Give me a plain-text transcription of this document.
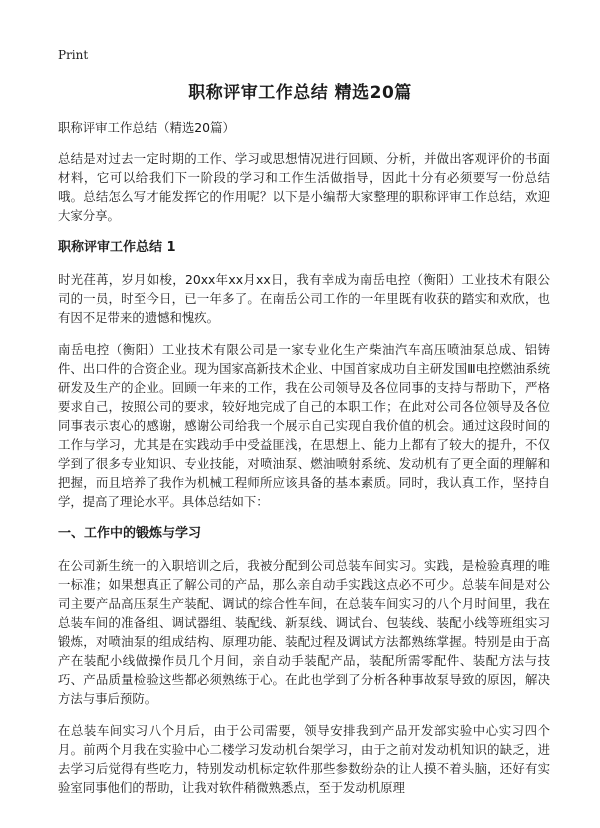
Print
职称评审工作总结 精选20篇

职称评审工作总结（精选20篇）

总结是对过去一定时期的工作、学习或思想情况进行回顾、分析，并做出客观评价的书面材料，它可以给我们下一阶段的学习和工作生活做指导，因此十分有必须要写一份总结哦。总结怎么写才能发挥它的作用呢？以下是小编帮大家整理的职称评审工作总结，欢迎大家分享。

职称评审工作总结 1

时光荏苒，岁月如梭，20xx年xx月xx日，我有幸成为南岳电控（衡阳）工业技术有限公司的一员，时至今日，已一年多了。在南岳公司工作的一年里既有收获的踏实和欢欣，也有因不足带来的遗憾和愧疚。

南岳电控（衡阳）工业技术有限公司是一家专业化生产柴油汽车高压喷油泵总成、铝铸件、出口件的合资企业。现为国家高新技术企业、中国首家成功自主研发国Ⅲ电控燃油系统研发及生产的企业。回顾一年来的工作，我在公司领导及各位同事的支持与帮助下，严格要求自己，按照公司的要求，较好地完成了自己的本职工作；在此对公司各位领导及各位同事表示衷心的感谢，感谢公司给我一个展示自己实现自我价值的机会。通过这段时间的工作与学习，尤其是在实践动手中受益匪浅，在思想上、能力上都有了较大的提升，不仅学到了很多专业知识、专业技能，对喷油泵、燃油喷射系统、发动机有了更全面的理解和把握，而且培养了我作为机械工程师所应该具备的基本素质。同时，我认真工作，坚持自学，提高了理论水平。具体总结如下：

一、工作中的锻炼与学习

在公司新生统一的入职培训之后，我被分配到公司总装车间实习。实践，是检验真理的唯一标准；如果想真正了解公司的产品，那么亲自动手实践这点必不可少。总装车间是对公司主要产品高压泵生产装配、调试的综合性车间，在总装车间实习的八个月时间里，我在总装车间的准备组、调试器组、装配线、新泵线、调试台、包装线、装配小线等班组实习锻炼，对喷油泵的组成结构、原理功能、装配过程及调试方法都熟练掌握。特别是由于高产在装配小线做操作员几个月间，亲自动手装配产品，装配所需零配件、装配方法与技巧、产品质量检验这些都必须熟练于心。在此也学到了分析各种事故泵导致的原因，解决方法与事后预防。

在总装车间实习八个月后，由于公司需要，领导安排我到产品开发部实验中心实习四个月。前两个月我在实验中心二楼学习发动机台架学习，由于之前对发动机知识的缺乏，进去学习后觉得有些吃力，特别发动机标定软件那些参数纷杂的让人摸不着头脑，还好有实验室同事他们的帮助，让我对软件稍微熟悉点，至于发动机原理
